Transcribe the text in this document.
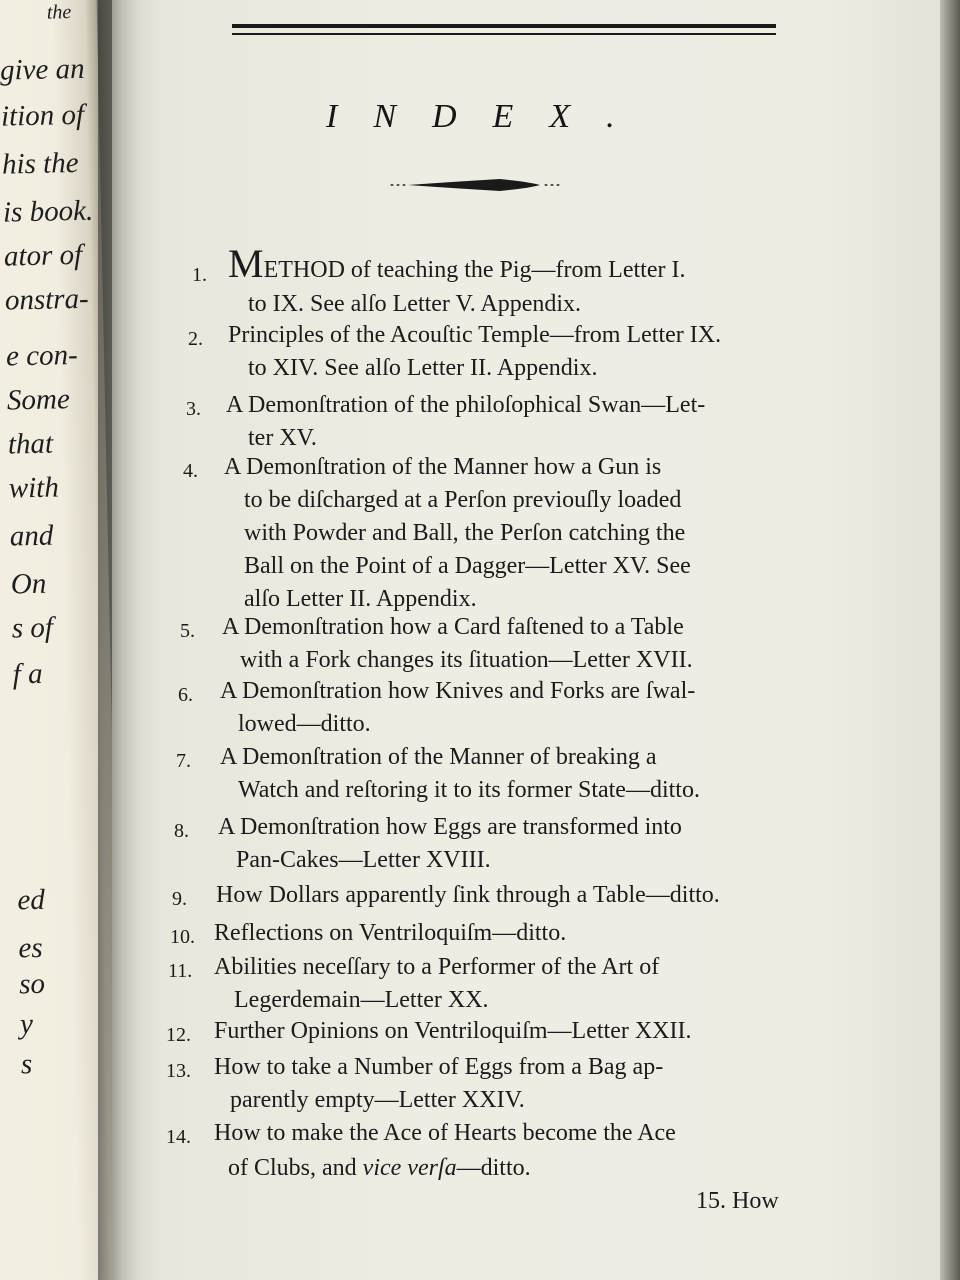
the
give an
ition of
his the
is book.
ator of
onstra-
e con-
Some
that
with
and
On
s of
f a
ed
es
so
y
s
INDEX.
1. METHOD of teaching the Pig—from Letter I.
to IX. See alſo Letter V. Appendix.
2. Principles of the Acouſtic Temple—from Letter IX.
to XIV. See alſo Letter II. Appendix.
3. A Demonſtration of the philoſophical Swan—Let-
ter XV.
4. A Demonſtration of the Manner how a Gun is
to be diſcharged at a Perſon previouſly loaded
with Powder and Ball, the Perſon catching the
Ball on the Point of a Dagger—Letter XV. See
alſo Letter II. Appendix.
5. A Demonſtration how a Card faſtened to a Table
with a Fork changes its ſituation—Letter XVII.
6. A Demonſtration how Knives and Forks are ſwal-
lowed—ditto.
7. A Demonſtration of the Manner of breaking a
Watch and reſtoring it to its former State—ditto.
8. A Demonſtration how Eggs are transformed into
Pan-Cakes—Letter XVIII.
9. How Dollars apparently ſink through a Table—ditto.
10. Reflections on Ventriloquiſm—ditto.
11. Abilities neceſſary to a Performer of the Art of
Legerdemain—Letter XX.
12. Further Opinions on Ventriloquiſm—Letter XXII.
13. How to take a Number of Eggs from a Bag ap-
parently empty—Letter XXIV.
14. How to make the Ace of Hearts become the Ace
of Clubs, and vice verſa—ditto.
15. How
